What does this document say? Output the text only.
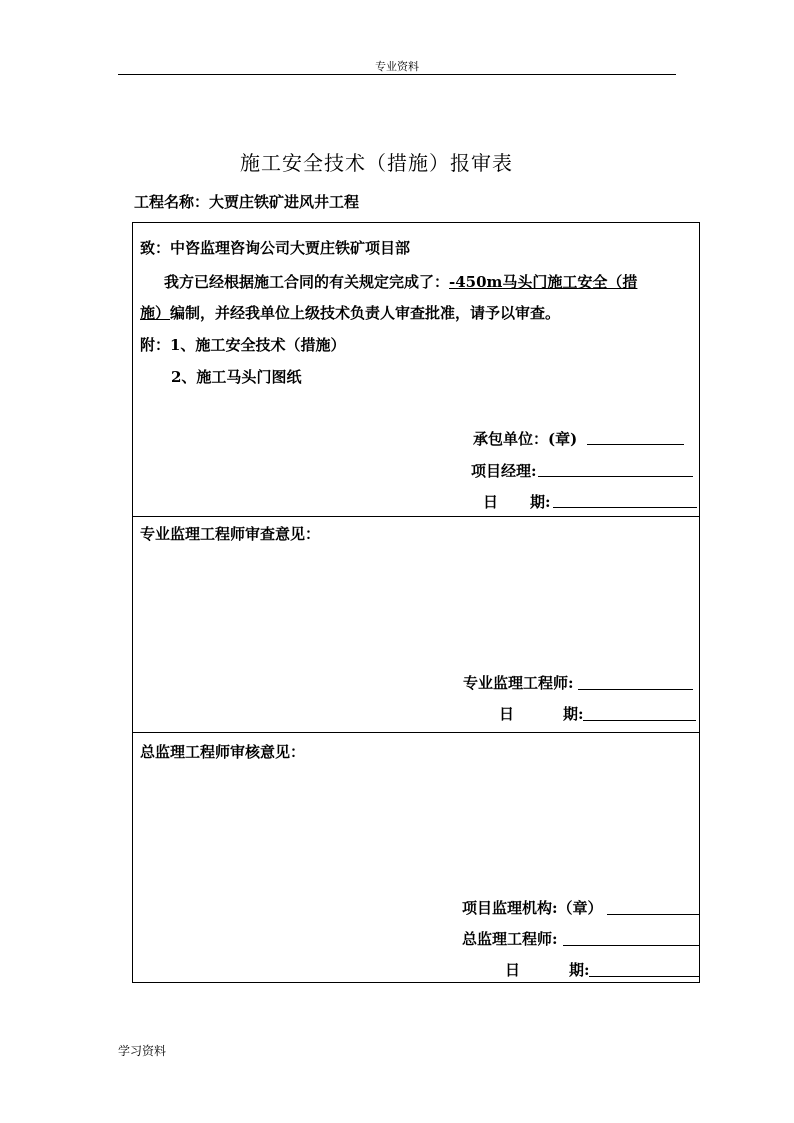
专业资料
施工安全技术（措施）报审表
工程名称：大贾庄铁矿进风井工程
致：中咨监理咨询公司大贾庄铁矿项目部
我方已经根据施工合同的有关规定完成了：-450m马头门施工安全（措
施）编制，并经我单位上级技术负责人审查批准，请予以审查。
附：1、施工安全技术（措施）
2、施工马头门图纸
承包单位：(章)
项目经理:
日 期:
专业监理工程师审查意见：
专业监理工程师:
日	期:
总监理工程师审核意见：
项目监理机构:（章）
总监理工程师:
日	期:
学习资料
